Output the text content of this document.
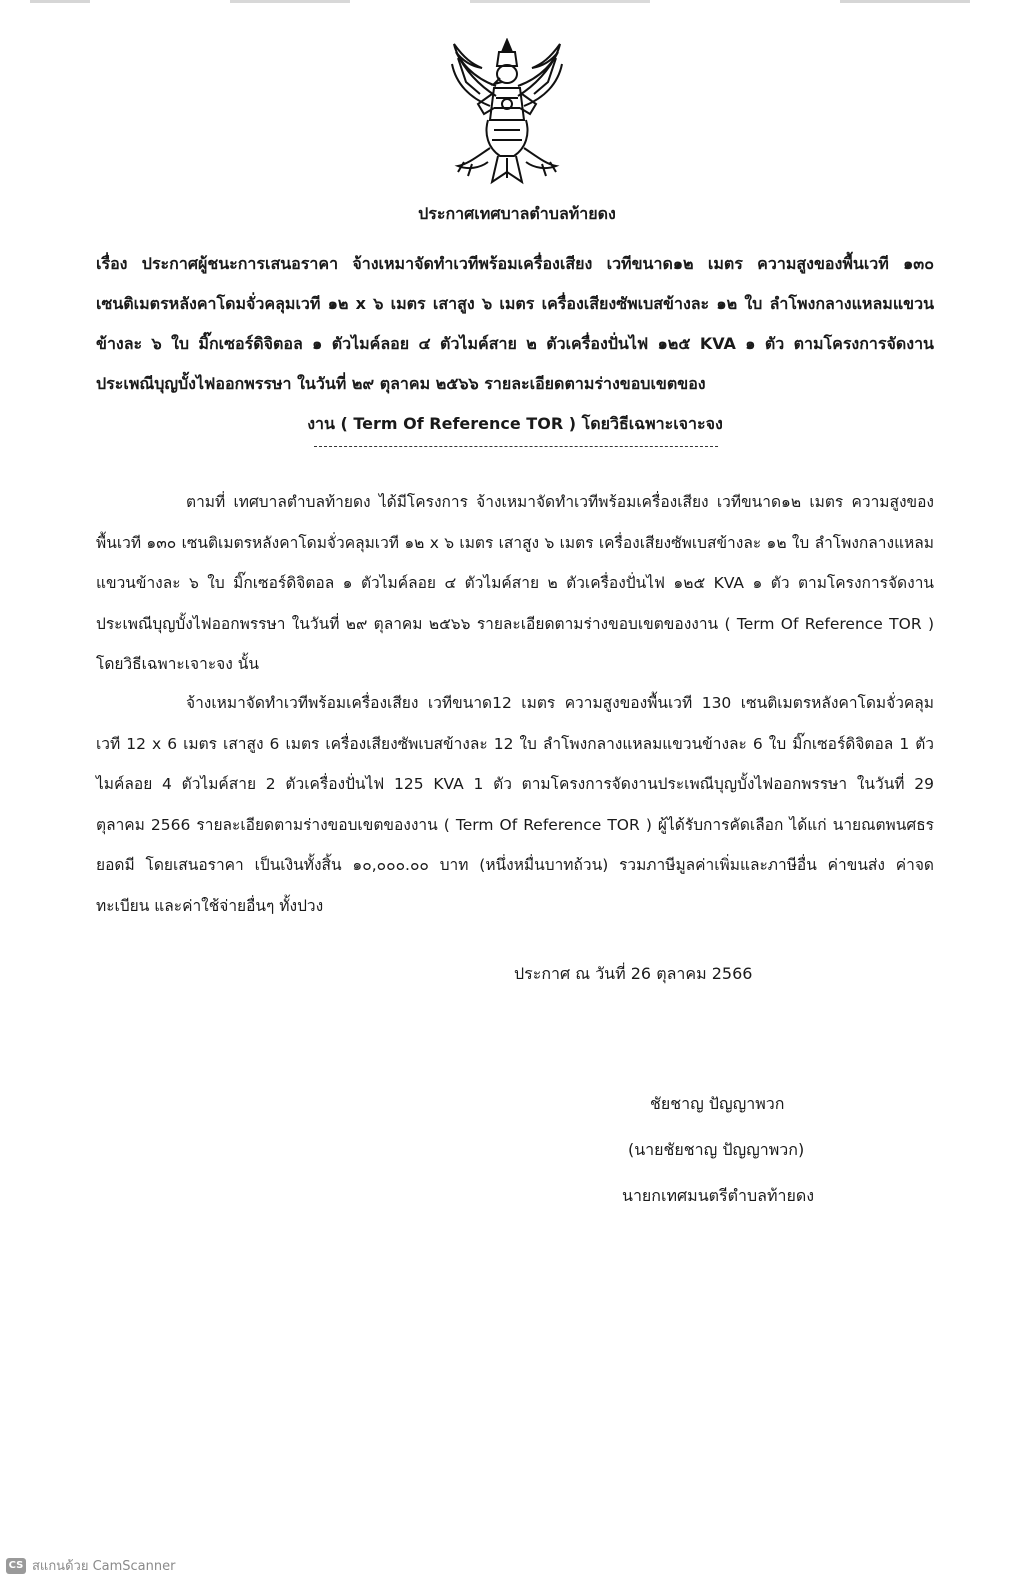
ประกาศเทศบาลตำบลท้ายดง
เรื่อง ประกาศผู้ชนะการเสนอราคา จ้างเหมาจัดทำเวทีพร้อมเครื่องเสียง เวทีขนาด๑๒ เมตร ความสูงของพื้นเวที ๑๓๐ เซนติเมตรหลังคาโดมจั่วคลุมเวที ๑๒ x ๖ เมตร เสาสูง ๖ เมตร เครื่องเสียงซัพเบสข้างละ ๑๒ ใบ ลำโพงกลางแหลมแขวนข้างละ ๖ ใบ มิ๊กเซอร์ดิจิตอล ๑ ตัวไมค์ลอย ๔ ตัวไมค์สาย ๒ ตัวเครื่องปั่นไฟ ๑๒๕ KVA ๑ ตัว ตามโครงการจัดงานประเพณีบุญบั้งไฟออกพรรษา ในวันที่ ๒๙ ตุลาคม ๒๕๖๖ รายละเอียดตามร่างขอบเขตของ
งาน ( Term Of Reference TOR ) โดยวิธีเฉพาะเจาะจง
ตามที่ เทศบาลตำบลท้ายดง ได้มีโครงการ จ้างเหมาจัดทำเวทีพร้อมเครื่องเสียง เวทีขนาด๑๒ เมตร ความสูงของพื้นเวที ๑๓๐ เซนติเมตรหลังคาโดมจั่วคลุมเวที ๑๒ x ๖ เมตร เสาสูง ๖ เมตร เครื่องเสียงซัพเบสข้างละ ๑๒ ใบ ลำโพงกลางแหลมแขวนข้างละ ๖ ใบ มิ๊กเซอร์ดิจิตอล ๑ ตัวไมค์ลอย ๔ ตัวไมค์สาย ๒ ตัวเครื่องปั่นไฟ ๑๒๕ KVA ๑ ตัว ตามโครงการจัดงานประเพณีบุญบั้งไฟออกพรรษา ในวันที่ ๒๙ ตุลาคม ๒๕๖๖ รายละเอียดตามร่างขอบเขตของงาน ( Term Of Reference TOR ) โดยวิธีเฉพาะเจาะจง นั้น
จ้างเหมาจัดทำเวทีพร้อมเครื่องเสียง เวทีขนาด12 เมตร ความสูงของพื้นเวที 130 เซนติเมตรหลังคาโดมจั่วคลุมเวที 12 x 6 เมตร เสาสูง 6 เมตร เครื่องเสียงซัพเบสข้างละ 12 ใบ ลำโพงกลางแหลมแขวนข้างละ 6 ใบ มิ๊กเซอร์ดิจิตอล 1 ตัวไมค์ลอย 4 ตัวไมค์สาย 2 ตัวเครื่องปั่นไฟ 125 KVA 1 ตัว ตามโครงการจัดงานประเพณีบุญบั้งไฟออกพรรษา ในวันที่ 29 ตุลาคม 2566 รายละเอียดตามร่างขอบเขตของงาน ( Term Of Reference TOR ) ผู้ได้รับการคัดเลือก ได้แก่ นายณตพนศธร ยอดมี โดยเสนอราคา เป็นเงินทั้งสิ้น ๑๐,๐๐๐.๐๐ บาท (หนึ่งหมื่นบาทถ้วน) รวมภาษีมูลค่าเพิ่มและภาษีอื่น ค่าขนส่ง ค่าจดทะเบียน และค่าใช้จ่ายอื่นๆ ทั้งปวง
ประกาศ ณ วันที่ 26 ตุลาคม 2566
ชัยชาญ ปัญญาพวก
(นายชัยชาญ ปัญญาพวก)
นายกเทศมนตรีตำบลท้ายดง
CS สแกนด้วย CamScanner
